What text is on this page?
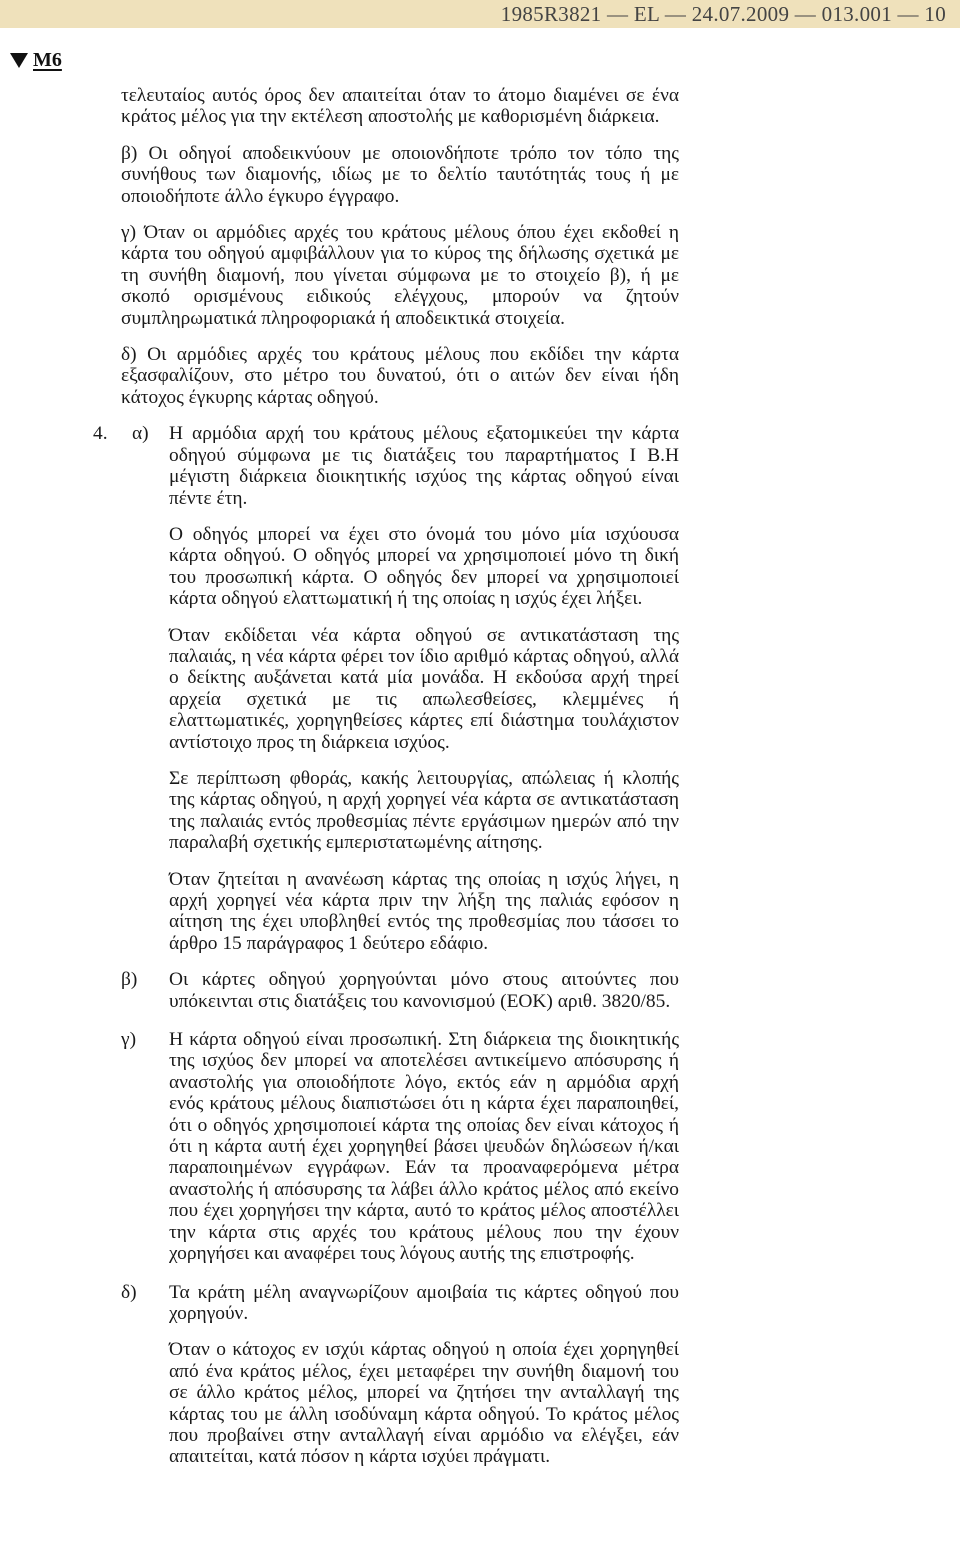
1985R3821 — EL — 24.07.2009 — 013.001 — 10
M6
τελευταίος αυτός όρος δεν απαιτείται όταν το άτομο διαμένει σε ένα κράτος μέλος για την εκτέλεση αποστολής με καθορισμένη διάρκεια.
β) Οι οδηγοί αποδεικνύουν με οποιονδήποτε τρόπο τον τόπο της συνήθους των διαμονής, ιδίως με το δελτίο ταυτότητάς τους ή με οποιοδήποτε άλλο έγκυρο έγγραφο.
γ) Όταν οι αρμόδιες αρχές του κράτους μέλους όπου έχει εκδοθεί η κάρτα του οδηγού αμφιβάλλουν για το κύρος της δήλωσης σχετικά με τη συνήθη διαμονή, που γίνεται σύμφωνα με το στοιχείο β), ή με σκοπό ορισμένους ειδικούς ελέγχους, μπορούν να ζητούν συμπληρωματικά πληροφοριακά ή αποδεικτικά στοιχεία.
δ) Οι αρμόδιες αρχές του κράτους μέλους που εκδίδει την κάρτα εξασφαλίζουν, στο μέτρο του δυνατού, ότι ο αιτών δεν είναι ήδη κάτοχος έγκυρης κάρτας οδηγού.
4. α) Η αρμόδια αρχή του κράτους μέλους εξατομικεύει την κάρτα οδηγού σύμφωνα με τις διατάξεις του παραρτήματος I Β.Η μέγιστη διάρκεια διοικητικής ισχύος της κάρτας οδηγού είναι πέντε έτη.
Ο οδηγός μπορεί να έχει στο όνομά του μόνο μία ισχύουσα κάρτα οδηγού. Ο οδηγός μπορεί να χρησιμοποιεί μόνο τη δική του προσωπική κάρτα. Ο οδηγός δεν μπορεί να χρησιμοποιεί κάρτα οδηγού ελαττωματική ή της οποίας η ισχύς έχει λήξει.
Όταν εκδίδεται νέα κάρτα οδηγού σε αντικατάσταση της παλαιάς, η νέα κάρτα φέρει τον ίδιο αριθμό κάρτας οδηγού, αλλά ο δείκτης αυξάνεται κατά μία μονάδα. Η εκδούσα αρχή τηρεί αρχεία σχετικά με τις απωλεσθείσες, κλεμμένες ή ελαττωματικές, χορηγηθείσες κάρτες επί διάστημα τουλάχιστον αντίστοιχο προς τη διάρκεια ισχύος.
Σε περίπτωση φθοράς, κακής λειτουργίας, απώλειας ή κλοπής της κάρτας οδηγού, η αρχή χορηγεί νέα κάρτα σε αντικατάσταση της παλαιάς εντός προθεσμίας πέντε εργάσιμων ημερών από την παραλαβή σχετικής εμπεριστατωμένης αίτησης.
Όταν ζητείται η ανανέωση κάρτας της οποίας η ισχύς λήγει, η αρχή χορηγεί νέα κάρτα πριν την λήξη της παλιάς εφόσον η αίτηση της έχει υποβληθεί εντός της προθεσμίας που τάσσει το άρθρο 15 παράγραφος 1 δεύτερο εδάφιο.
β) Οι κάρτες οδηγού χορηγούνται μόνο στους αιτούντες που υπόκεινται στις διατάξεις του κανονισμού (ΕΟΚ) αριθ. 3820/85.
γ) Η κάρτα οδηγού είναι προσωπική. Στη διάρκεια της διοικητικής της ισχύος δεν μπορεί να αποτελέσει αντικείμενο απόσυρσης ή αναστολής για οποιοδήποτε λόγο, εκτός εάν η αρμόδια αρχή ενός κράτους μέλους διαπιστώσει ότι η κάρτα έχει παραποιηθεί, ότι ο οδηγός χρησιμοποιεί κάρτα της οποίας δεν είναι κάτοχος ή ότι η κάρτα αυτή έχει χορηγηθεί βάσει ψευδών δηλώσεων ή/και παραποιημένων εγγράφων. Εάν τα προαναφερόμενα μέτρα αναστολής ή απόσυρσης τα λάβει άλλο κράτος μέλος από εκείνο που έχει χορηγήσει την κάρτα, αυτό το κράτος μέλος αποστέλλει την κάρτα στις αρχές του κράτους μέλους που την έχουν χορηγήσει και αναφέρει τους λόγους αυτής της επιστροφής.
δ) Τα κράτη μέλη αναγνωρίζουν αμοιβαία τις κάρτες οδηγού που χορηγούν.
Όταν ο κάτοχος εν ισχύι κάρτας οδηγού η οποία έχει χορηγηθεί από ένα κράτος μέλος, έχει μεταφέρει την συνήθη διαμονή του σε άλλο κράτος μέλος, μπορεί να ζητήσει την ανταλλαγή της κάρτας του με άλλη ισοδύναμη κάρτα οδηγού. Το κράτος μέλος που προβαίνει στην ανταλλαγή είναι αρμόδιο να ελέγξει, εάν απαιτείται, κατά πόσον η κάρτα ισχύει πράγματι.
